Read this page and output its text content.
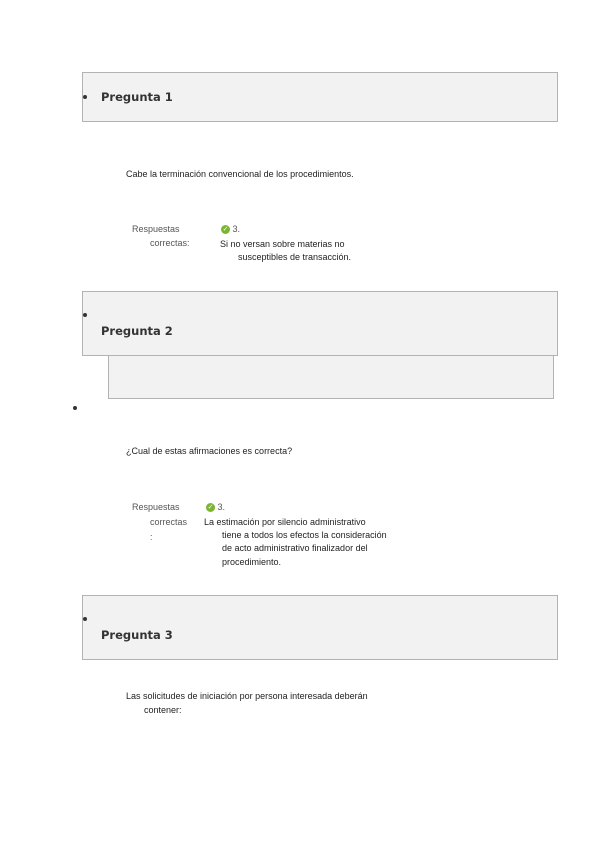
Pregunta 1
Cabe la terminación convencional de los procedimientos.
Respuestas
correctas:
✓ 3.
Si no versan sobre materias no
susceptibles de transacción.
Pregunta 2
¿Cual de estas afirmaciones es correcta?
Respuestas
correctas
:
✓ 3.
La estimación por silencio administrativo
tiene a todos los efectos la consideración
de acto administrativo finalizador del
procedimiento.
Pregunta 3
Las solicitudes de iniciación por persona interesada deberán
contener:
